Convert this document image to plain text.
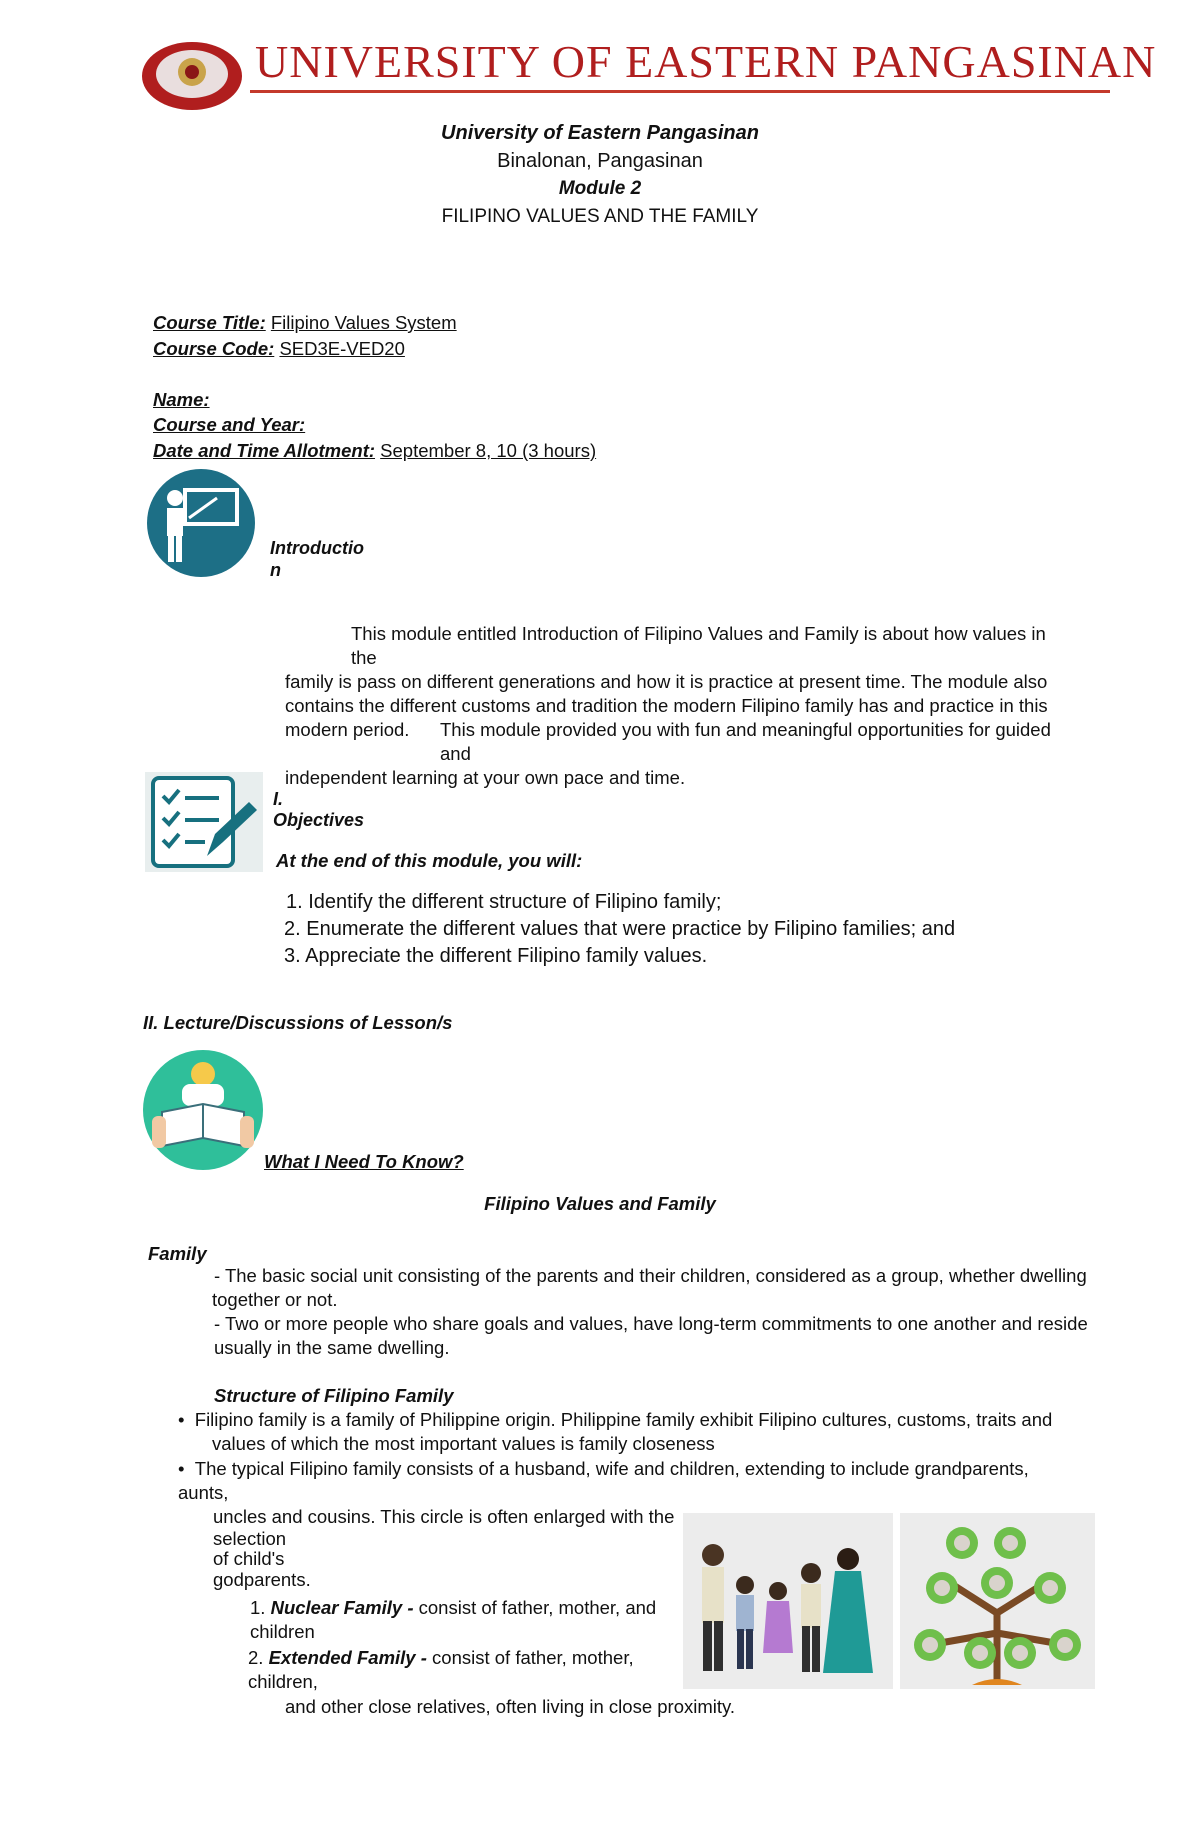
UNIVERSITY OF EASTERN PANGASINAN
University of Eastern Pangasinan
Binalonan, Pangasinan
Module 2
FILIPINO VALUES AND THE FAMILY
Course Title: Filipino Values System
Course Code: SED3E-VED20
Name:
Course and Year:
Date and Time Allotment: September 8, 10 (3 hours)
Introductio
n
This module entitled Introduction of Filipino Values and Family is about how values in the
family is pass on different generations and how it is practice at present time. The module also
contains the different customs and tradition the modern Filipino family has and practice in this
modern period.	This module provided you with fun and meaningful opportunities for guided and
independent learning at your own pace and time.
I.
Objectives
At the end of this module, you will:
1. Identify the different structure of Filipino family;
2. Enumerate the different values that were practice by Filipino families; and
3. Appreciate the different Filipino family values.
II. Lecture/Discussions of Lesson/s
What I Need To Know?
Filipino Values and Family
Family
- The basic social unit consisting of the parents and their children, considered as a group, whether dwelling
together or not.
- Two or more people who share goals and values, have long-term commitments to one another and reside
usually in the same dwelling.
Structure of Filipino Family
•  Filipino family is a family of Philippine origin. Philippine family exhibit Filipino cultures, customs, traits and
values of which the most important values is family closeness
•  The typical Filipino family consists of a husband, wife and children, extending to include grandparents, aunts,
uncles and cousins. This circle is often enlarged with the
selection
of child's
godparents.
1. Nuclear Family - consist of father, mother, and
children
2. Extended Family - consist of father, mother,
children,
and other close relatives, often living in close proximity.
